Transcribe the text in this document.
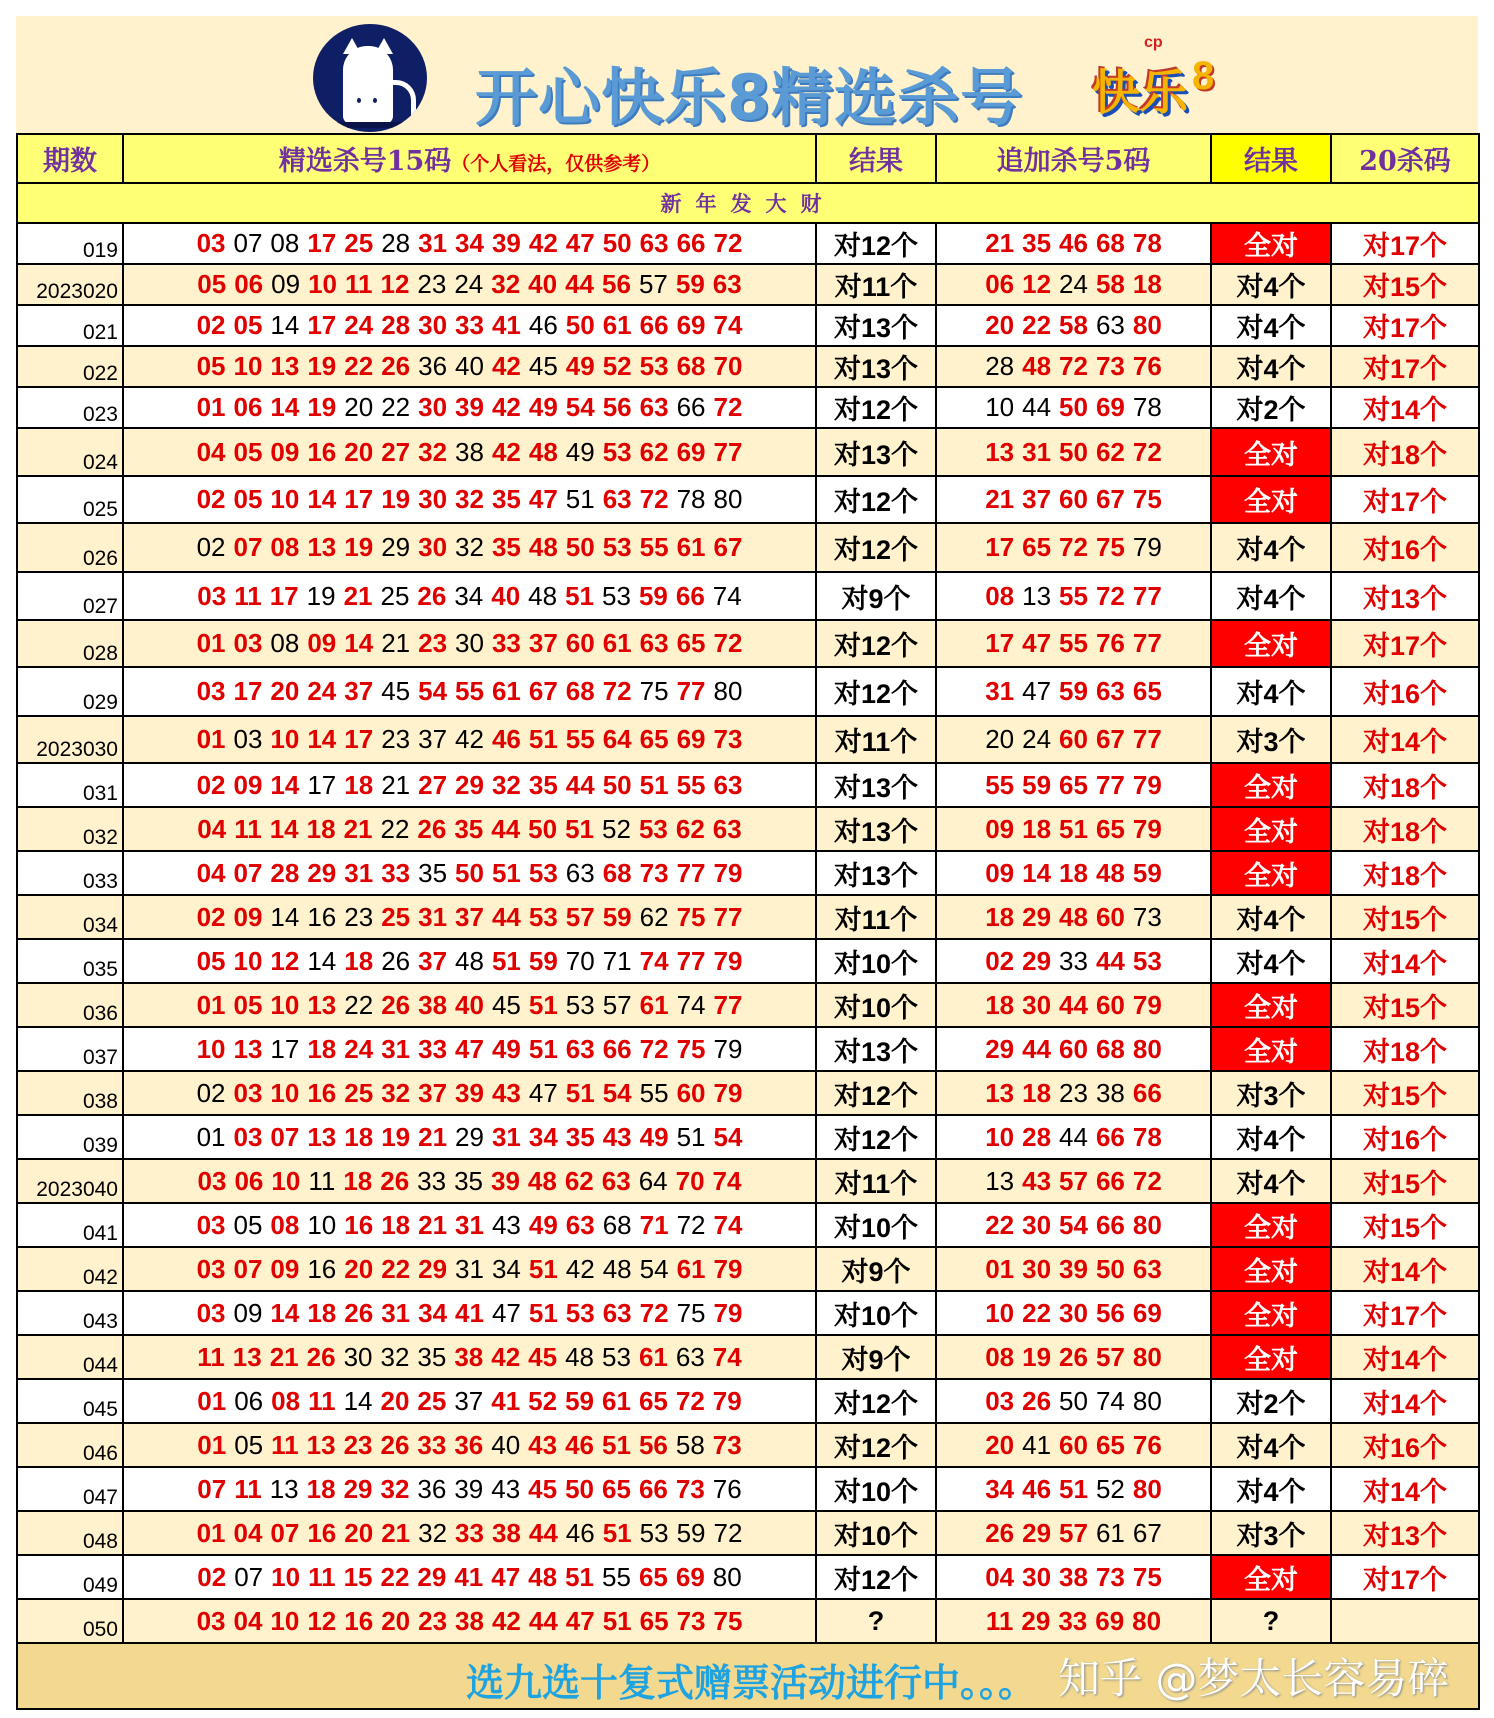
开心快乐8精选杀号
cp
快乐 8
期数	精选杀号15码（个人看法，仅供参考）	结果	追加杀号5码	结果	20杀码
新年发大财					
019	03 07 08 17 25 28 31 34 39 42 47 50 63 66 72	对12个	21 35 46 68 78	全对	对17个
2023020	05 06 09 10 11 12 23 24 32 40 44 56 57 59 63	对11个	06 12 24 58 18	对4个	对15个
021	02 05 14 17 24 28 30 33 41 46 50 61 66 69 74	对13个	20 22 58 63 80	对4个	对17个
022	05 10 13 19 22 26 36 40 42 45 49 52 53 68 70	对13个	28 48 72 73 76	对4个	对17个
023	01 06 14 19 20 22 30 39 42 49 54 56 63 66 72	对12个	10 44 50 69 78	对2个	对14个
024	04 05 09 16 20 27 32 38 42 48 49 53 62 69 77	对13个	13 31 50 62 72	全对	对18个
025	02 05 10 14 17 19 30 32 35 47 51 63 72 78 80	对12个	21 37 60 67 75	全对	对17个
026	02 07 08 13 19 29 30 32 35 48 50 53 55 61 67	对12个	17 65 72 75 79	对4个	对16个
027	03 11 17 19 21 25 26 34 40 48 51 53 59 66 74	对9个	08 13 55 72 77	对4个	对13个
028	01 03 08 09 14 21 23 30 33 37 60 61 63 65 72	对12个	17 47 55 76 77	全对	对17个
029	03 17 20 24 37 45 54 55 61 67 68 72 75 77 80	对12个	31 47 59 63 65	对4个	对16个
2023030	01 03 10 14 17 23 37 42 46 51 55 64 65 69 73	对11个	20 24 60 67 77	对3个	对14个
031	02 09 14 17 18 21 27 29 32 35 44 50 51 55 63	对13个	55 59 65 77 79	全对	对18个
032	04 11 14 18 21 22 26 35 44 50 51 52 53 62 63	对13个	09 18 51 65 79	全对	对18个
033	04 07 28 29 31 33 35 50 51 53 63 68 73 77 79	对13个	09 14 18 48 59	全对	对18个
034	02 09 14 16 23 25 31 37 44 53 57 59 62 75 77	对11个	18 29 48 60 73	对4个	对15个
035	05 10 12 14 18 26 37 48 51 59 70 71 74 77 79	对10个	02 29 33 44 53	对4个	对14个
036	01 05 10 13 22 26 38 40 45 51 53 57 61 74 77	对10个	18 30 44 60 79	全对	对15个
037	10 13 17 18 24 31 33 47 49 51 63 66 72 75 79	对13个	29 44 60 68 80	全对	对18个
038	02 03 10 16 25 32 37 39 43 47 51 54 55 60 79	对12个	13 18 23 38 66	对3个	对15个
039	01 03 07 13 18 19 21 29 31 34 35 43 49 51 54	对12个	10 28 44 66 78	对4个	对16个
2023040	03 06 10 11 18 26 33 35 39 48 62 63 64 70 74	对11个	13 43 57 66 72	对4个	对15个
041	03 05 08 10 16 18 21 31 43 49 63 68 71 72 74	对10个	22 30 54 66 80	全对	对15个
042	03 07 09 16 20 22 29 31 34 51 42 48 54 61 79	对9个	01 30 39 50 63	全对	对14个
043	03 09 14 18 26 31 34 41 47 51 53 63 72 75 79	对10个	10 22 30 56 69	全对	对17个
044	11 13 21 26 30 32 35 38 42 45 48 53 61 63 74	对9个	08 19 26 57 80	全对	对14个
045	01 06 08 11 14 20 25 37 41 52 59 61 65 72 79	对12个	03 26 50 74 80	对2个	对14个
046	01 05 11 13 23 26 33 36 40 43 46 51 56 58 73	对12个	20 41 60 65 76	对4个	对16个
047	07 11 13 18 29 32 36 39 43 45 50 65 66 73 76	对10个	34 46 51 52 80	对4个	对14个
048	01 04 07 16 20 21 32 33 38 44 46 51 53 59 72	对10个	26 29 57 61 67	对3个	对13个
049	02 07 10 11 15 22 29 41 47 48 51 55 65 69 80	对12个	04 30 38 73 75	全对	对17个
050	03 04 10 12 16 20 23 38 42 44 47 51 65 73 75	?	11 29 33 69 80	?	

选九选十复式赠票活动进行中。。。 知乎 @梦太长容易碎					
